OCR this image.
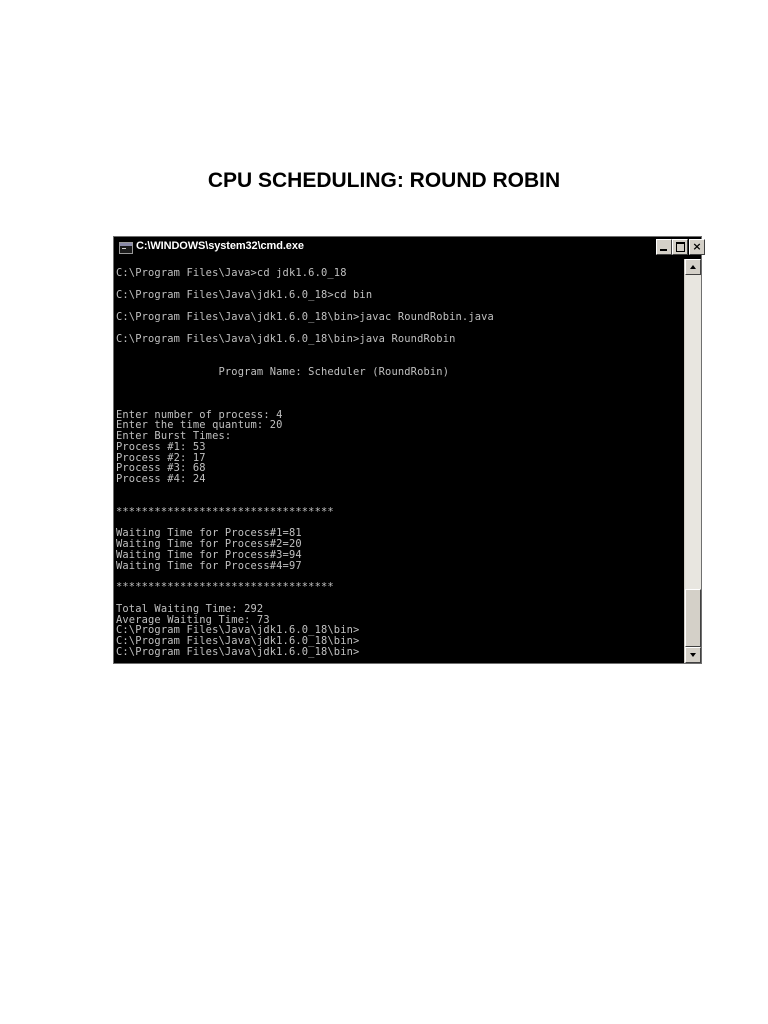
CPU SCHEDULING: ROUND ROBIN
C:\WINDOWS\system32\cmd.exe	×
C:\Program Files\Java>cd jdk1.6.0_18
C:\Program Files\Java\jdk1.6.0_18>cd bin
C:\Program Files\Java\jdk1.6.0_18\bin>javac RoundRobin.java
C:\Program Files\Java\jdk1.6.0_18\bin>java RoundRobin
Program Name: Scheduler (RoundRobin)
Enter number of process: 4
Enter the time quantum: 20
Enter Burst Times:
Process #1: 53
Process #2: 17
Process #3: 68
Process #4: 24
**********************************
Waiting Time for Process#1=81
Waiting Time for Process#2=20
Waiting Time for Process#3=94
Waiting Time for Process#4=97
**********************************
Total Waiting Time: 292
Average Waiting Time: 73
C:\Program Files\Java\jdk1.6.0_18\bin>
C:\Program Files\Java\jdk1.6.0_18\bin>
C:\Program Files\Java\jdk1.6.0_18\bin>
